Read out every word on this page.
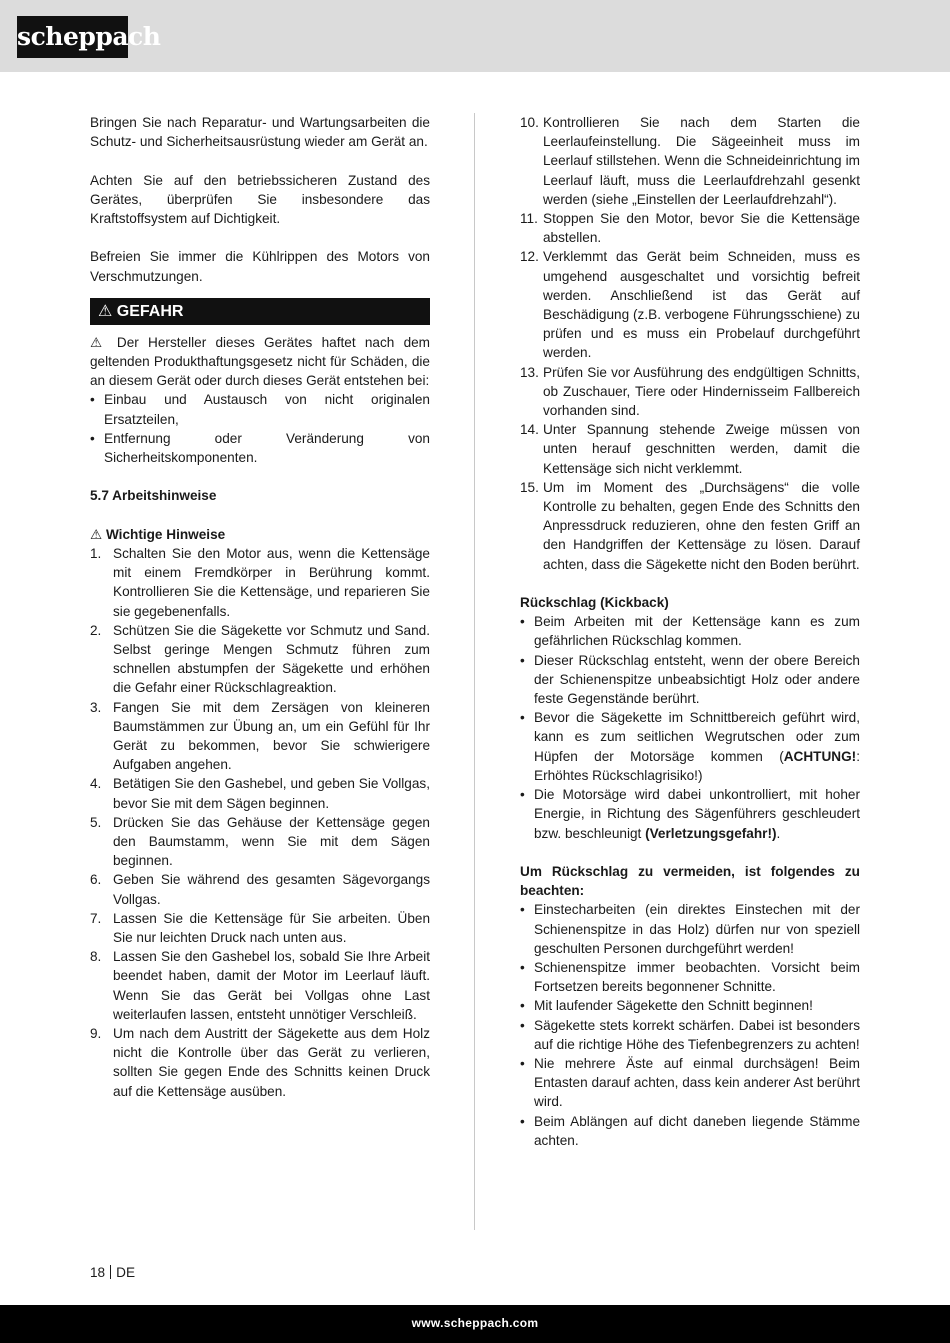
scheppach

Bringen Sie nach Reparatur- und Wartungsarbeiten die Schutz- und Sicherheitsausrüstung wieder am Gerät an.

Achten Sie auf den betriebssicheren Zustand des Gerätes, überprüfen Sie insbesondere das Kraftstoffsystem auf Dichtigkeit.

Befreien Sie immer die Kühlrippen des Motors von Verschmutzungen.

⚠ GEFAHR

⚠ Der Hersteller dieses Gerätes haftet nach dem geltenden Produkthaftungsgesetz nicht für Schäden, die an diesem Gerät oder durch dieses Gerät entstehen bei:

• Einbau und Austausch von nicht originalen Ersatzteilen,
• Entfernung oder Veränderung von Sicherheitskomponenten.
5.7 Arbeitshinweise
⚠ Wichtige Hinweise
1. Schalten Sie den Motor aus, wenn die Kettensäge mit einem Fremdkörper in Berührung kommt. Kontrollieren Sie die Kettensäge, und reparieren Sie sie gegebenenfalls.
2. Schützen Sie die Sägekette vor Schmutz und Sand. Selbst geringe Mengen Schmutz führen zum schnellen abstumpfen der Sägekette und erhöhen die Gefahr einer Rückschlagreaktion.
3. Fangen Sie mit dem Zersägen von kleineren Baumstämmen zur Übung an, um ein Gefühl für Ihr Gerät zu bekommen, bevor Sie schwierigere Aufgaben angehen.
4. Betätigen Sie den Gashebel, und geben Sie Vollgas, bevor Sie mit dem Sägen beginnen.
5. Drücken Sie das Gehäuse der Kettensäge gegen den Baumstamm, wenn Sie mit dem Sägen beginnen.
6. Geben Sie während des gesamten Sägevorgangs Vollgas.
7. Lassen Sie die Kettensäge für Sie arbeiten. Üben Sie nur leichten Druck nach unten aus.
8. Lassen Sie den Gashebel los, sobald Sie Ihre Arbeit beendet haben, damit der Motor im Leerlauf läuft. Wenn Sie das Gerät bei Vollgas ohne Last weiterlaufen lassen, entsteht unnötiger Verschleiß.
9. Um nach dem Austritt der Sägekette aus dem Holz nicht die Kontrolle über das Gerät zu verlieren, sollten Sie gegen Ende des Schnitts keinen Druck auf die Kettensäge ausüben.
10. Kontrollieren Sie nach dem Starten die Leerlaufeinstellung. Die Sägeeinheit muss im Leerlauf stillstehen. Wenn die Schneideinrichtung im Leerlauf läuft, muss die Leerlaufdrehzahl gesenkt werden (siehe „Einstellen der Leerlaufdrehzahl“).
11. Stoppen Sie den Motor, bevor Sie die Kettensäge abstellen.
12. Verklemmt das Gerät beim Schneiden, muss es umgehend ausgeschaltet und vorsichtig befreit werden. Anschließend ist das Gerät auf Beschädigung (z.B. verbogene Führungsschiene) zu prüfen und es muss ein Probelauf durchgeführt werden.
13. Prüfen Sie vor Ausführung des endgültigen Schnitts, ob Zuschauer, Tiere oder Hindernisseim Fallbereich vorhanden sind.
14. Unter Spannung stehende Zweige müssen von unten herauf geschnitten werden, damit die Kettensäge sich nicht verklemmt.
15. Um im Moment des „Durchsägens“ die volle Kontrolle zu behalten, gegen Ende des Schnitts den Anpressdruck reduzieren, ohne den festen Griff an den Handgriffen der Kettensäge zu lösen. Darauf achten, dass die Sägekette nicht den Boden berührt.
Rückschlag (Kickback)
• Beim Arbeiten mit der Kettensäge kann es zum gefährlichen Rückschlag kommen.
• Dieser Rückschlag entsteht, wenn der obere Bereich der Schienenspitze unbeabsichtigt Holz oder andere feste Gegenstände berührt.
• Bevor die Sägekette im Schnittbereich geführt wird, kann es zum seitlichen Wegrutschen oder zum Hüpfen der Motorsäge kommen (ACHTUNG!: Erhöhtes Rückschlagrisiko!)
• Die Motorsäge wird dabei unkontrolliert, mit hoher Energie, in Richtung des Sägenführers geschleudert bzw. beschleunigt (Verletzungsgefahr!).
Um Rückschlag zu vermeiden, ist folgendes zu beachten:
• Einstecharbeiten (ein direktes Einstechen mit der Schienenspitze in das Holz) dürfen nur von speziell geschulten Personen durchgeführt werden!
• Schienenspitze immer beobachten. Vorsicht beim Fortsetzen bereits begonnener Schnitte.
• Mit laufender Sägekette den Schnitt beginnen!
• Sägekette stets korrekt schärfen. Dabei ist besonders auf die richtige Höhe des Tiefenbegrenzers zu achten!
• Nie mehrere Äste auf einmal durchsägen! Beim Entasten darauf achten, dass kein anderer Ast berührt wird.
• Beim Ablängen auf dicht daneben liegende Stämme achten.
18 DE
www.scheppach.com
